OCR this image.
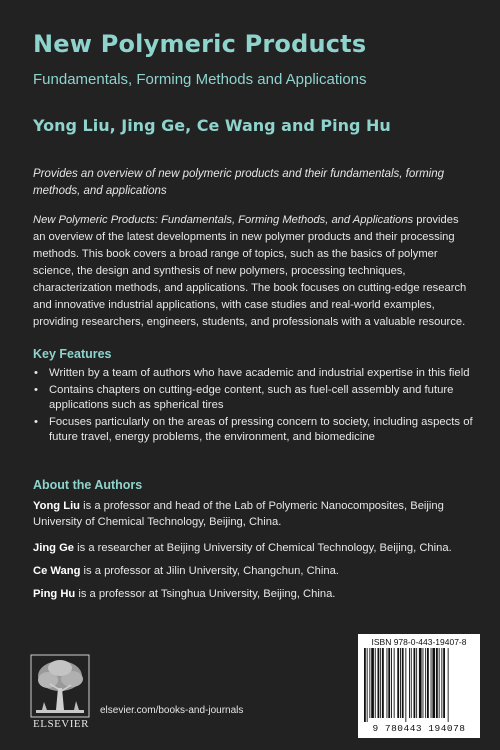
New Polymeric Products
Fundamentals, Forming Methods and Applications
Yong Liu, Jing Ge, Ce Wang and Ping Hu
Provides an overview of new polymeric products and their fundamentals, forming methods, and applications
New Polymeric Products: Fundamentals, Forming Methods, and Applications provides an overview of the latest developments in new polymer products and their processing methods. This book covers a broad range of topics, such as the basics of polymer science, the design and synthesis of new polymers, processing techniques, characterization methods, and applications. The book focuses on cutting-edge research and innovative industrial applications, with case studies and real-world examples, providing researchers, engineers, students, and professionals with a valuable resource.
Key Features
• Written by a team of authors who have academic and industrial expertise in this field
• Contains chapters on cutting-edge content, such as fuel-cell assembly and future applications such as spherical tires
• Focuses particularly on the areas of pressing concern to society, including aspects of future travel, energy problems, the environment, and biomedicine
About the Authors
Yong Liu is a professor and head of the Lab of Polymeric Nanocomposites, Beijing University of Chemical Technology, Beijing, China.
Jing Ge is a researcher at Beijing University of Chemical Technology, Beijing, China.
Ce Wang is a professor at Jilin University, Changchun, China.
Ping Hu is a professor at Tsinghua University, Beijing, China.
ELSEVIER
elsevier.com/books-and-journals
ISBN 978-0-443-19407-8
9 780443 194078
